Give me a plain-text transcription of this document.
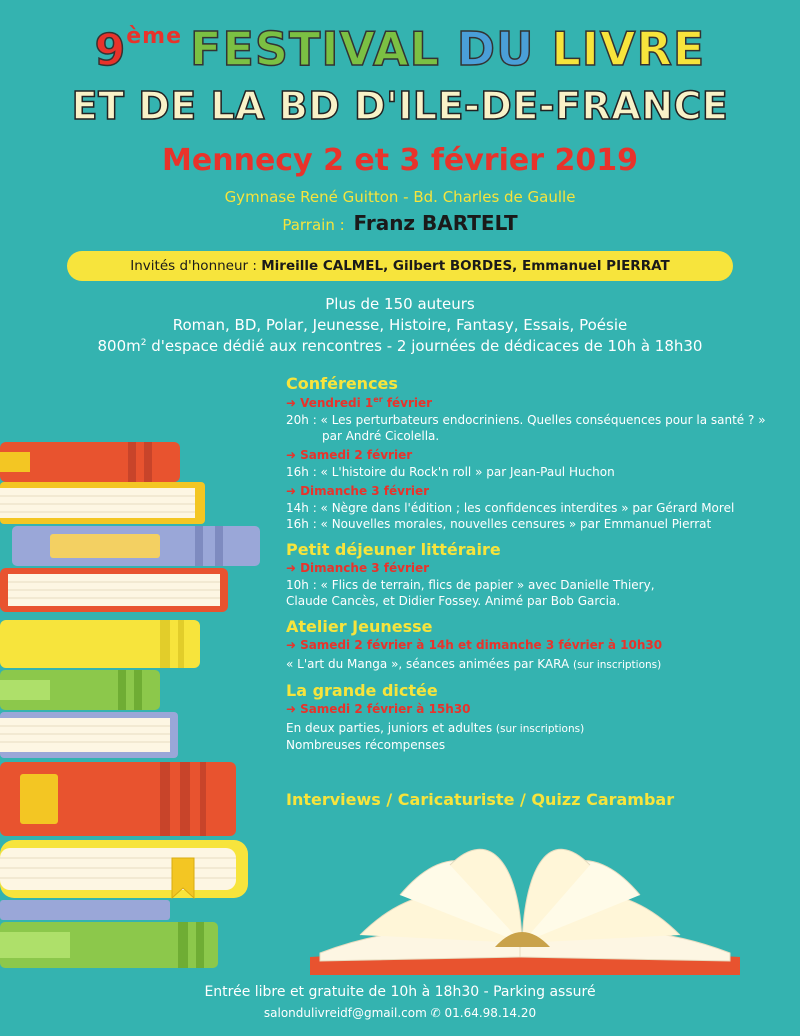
9ème FESTIVAL DU LIVRE
ET DE LA BD D'ILE-DE-FRANCE
Mennecy 2 et 3 février 2019
Gymnase René Guitton - Bd. Charles de Gaulle
Parrain : Franz BARTELT
Invités d'honneur : Mireille CALMEL, Gilbert BORDES, Emmanuel PIERRAT
Plus de 150 auteurs
Roman, BD, Polar, Jeunesse, Histoire, Fantasy, Essais, Poésie
$800m^2$ d'espace dédié aux rencontres - 2 journées de dédicaces de 10h à 18h30
Conférences
➜ Vendredi 1er février
20h : « Les perturbateurs endocriniens. Quelles conséquences pour la santé ? »
par André Cicolella.
➜ Samedi 2 février
16h : « L'histoire du Rock'n roll » par Jean-Paul Huchon
➜ Dimanche 3 février
14h : « Nègre dans l'édition ; les confidences interdites » par Gérard Morel
16h : « Nouvelles morales, nouvelles censures » par Emmanuel Pierrat
Petit déjeuner littéraire
➜ Dimanche 3 février
10h : « Flics de terrain, flics de papier » avec Danielle Thiery,
Claude Cancès, et Didier Fossey. Animé par Bob Garcia.
Atelier Jeunesse
➜ Samedi 2 février à 14h et dimanche 3 février à 10h30
« L'art du Manga », séances animées par KARA (sur inscriptions)
La grande dictée
➜ Samedi 2 février à 15h30
En deux parties, juniors et adultes (sur inscriptions)
Nombreuses récompenses
Interviews / Caricaturiste / Quizz Carambar
Entrée libre et gratuite de 10h à 18h30 - Parking assuré
salondulivreidf@gmail.com ✆ 01.64.98.14.20
